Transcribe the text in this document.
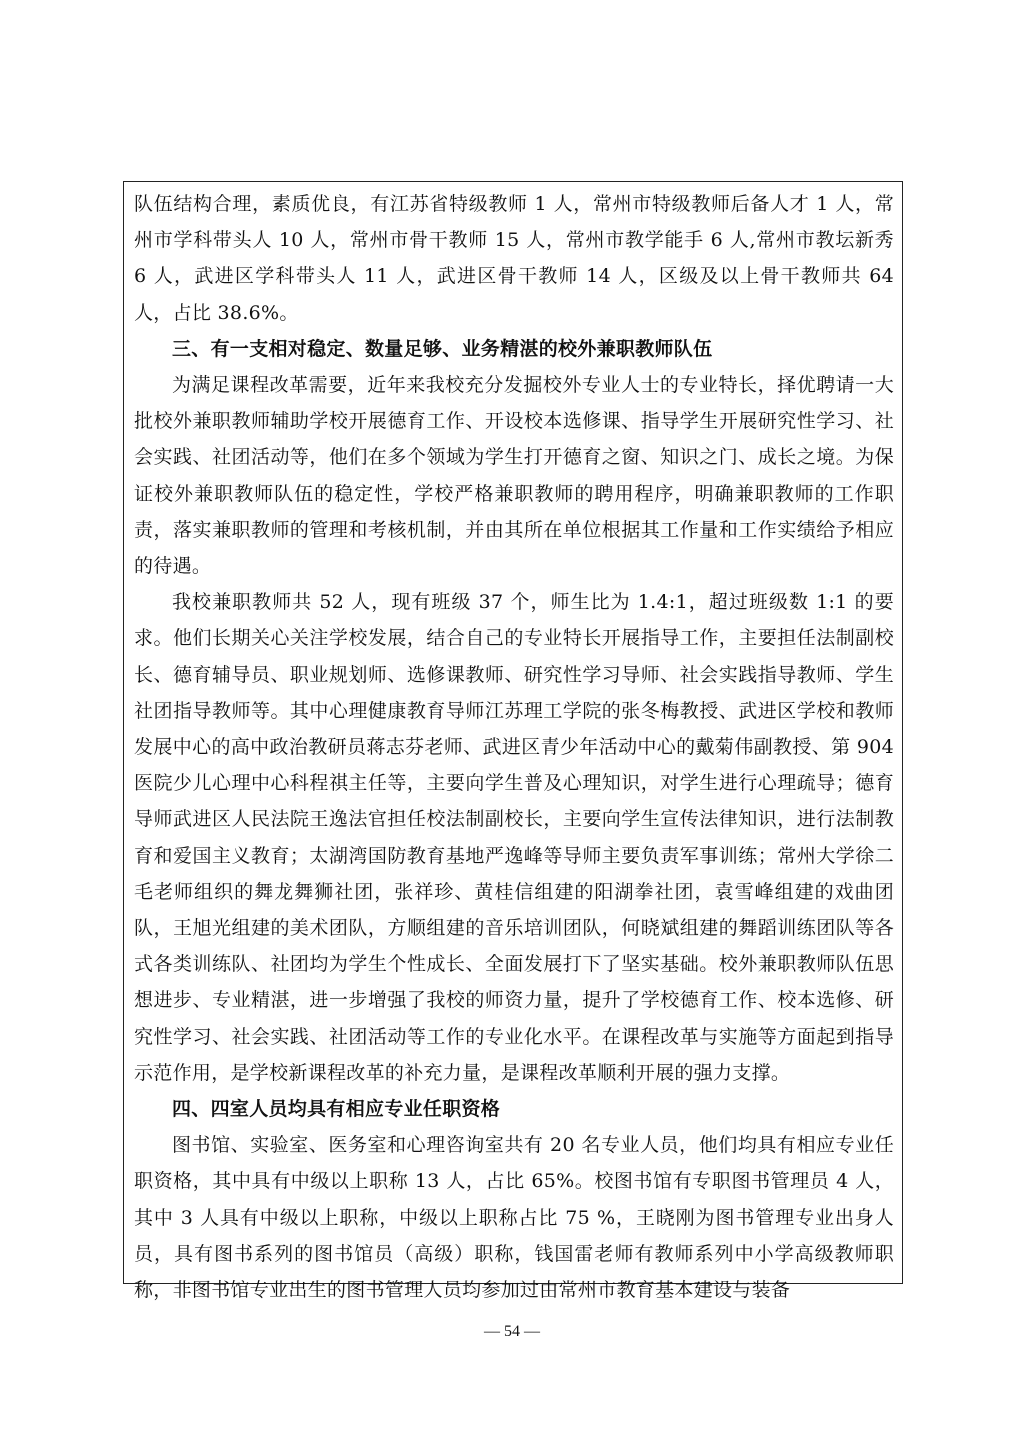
队伍结构合理，素质优良，有江苏省特级教师 1 人，常州市特级教师后备人才 1 人，常州市学科带头人 10 人，常州市骨干教师 15 人，常州市教学能手 6 人,常州市教坛新秀 6 人，武进区学科带头人 11 人，武进区骨干教师 14 人，区级及以上骨干教师共 64 人，占比 38.6%。

三、有一支相对稳定、数量足够、业务精湛的校外兼职教师队伍

为满足课程改革需要，近年来我校充分发掘校外专业人士的专业特长，择优聘请一大批校外兼职教师辅助学校开展德育工作、开设校本选修课、指导学生开展研究性学习、社会实践、社团活动等，他们在多个领域为学生打开德育之窗、知识之门、成长之境。为保证校外兼职教师队伍的稳定性，学校严格兼职教师的聘用程序，明确兼职教师的工作职责，落实兼职教师的管理和考核机制，并由其所在单位根据其工作量和工作实绩给予相应的待遇。

我校兼职教师共 52 人，现有班级 37 个，师生比为 1.4:1，超过班级数 1:1 的要求。他们长期关心关注学校发展，结合自己的专业特长开展指导工作，主要担任法制副校长、德育辅导员、职业规划师、选修课教师、研究性学习导师、社会实践指导教师、学生社团指导教师等。其中心理健康教育导师江苏理工学院的张冬梅教授、武进区学校和教师发展中心的高中政治教研员蒋志芬老师、武进区青少年活动中心的戴菊伟副教授、第 904 医院少儿心理中心科程祺主任等，主要向学生普及心理知识，对学生进行心理疏导；德育导师武进区人民法院王逸法官担任校法制副校长，主要向学生宣传法律知识，进行法制教育和爱国主义教育；太湖湾国防教育基地严逸峰等导师主要负责军事训练；常州大学徐二毛老师组织的舞龙舞狮社团，张祥珍、黄桂信组建的阳湖拳社团，袁雪峰组建的戏曲团队，王旭光组建的美术团队，方顺组建的音乐培训团队，何晓斌组建的舞蹈训练团队等各式各类训练队、社团均为学生个性成长、全面发展打下了坚实基础。校外兼职教师队伍思想进步、专业精湛，进一步增强了我校的师资力量，提升了学校德育工作、校本选修、研究性学习、社会实践、社团活动等工作的专业化水平。在课程改革与实施等方面起到指导示范作用，是学校新课程改革的补充力量，是课程改革顺利开展的强力支撑。

四、四室人员均具有相应专业任职资格

图书馆、实验室、医务室和心理咨询室共有 20 名专业人员，他们均具有相应专业任职资格，其中具有中级以上职称 13 人，占比 65%。校图书馆有专职图书管理员 4 人，其中 3 人具有中级以上职称，中级以上职称占比 75 %，王晓刚为图书管理专业出身人员，具有图书系列的图书馆员（高级）职称，钱国雷老师有教师系列中小学高级教师职称，非图书馆专业出生的图书管理人员均参加过由常州市教育基本建设与装备

— 54 —
